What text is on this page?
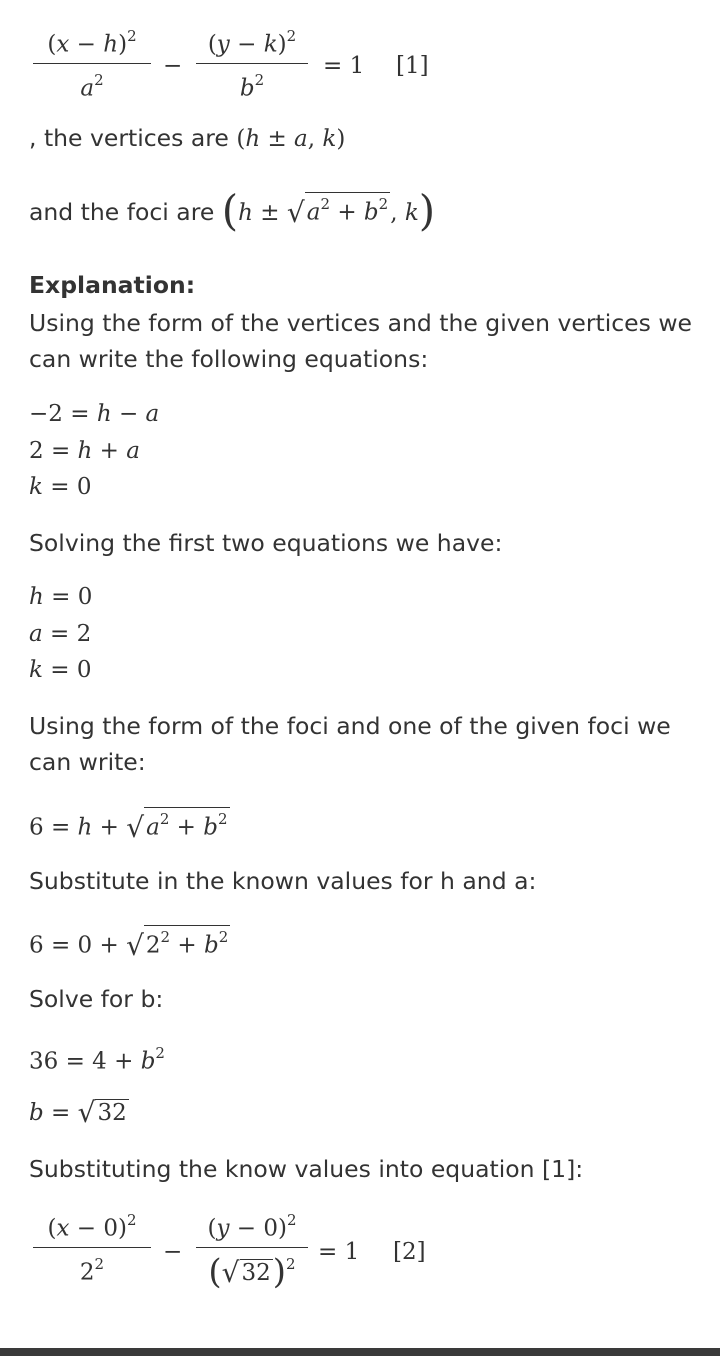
$(x - h)^2$
$a^2$
−
$(y - k)^2$
$b^2$
= 1 [1]
, the vertices are (h ± a, k)
and the foci are ($h \pm √a^2 + b^2$, k)
Explanation:
Using the form of the vertices and the given vertices we can write the following equations:
−2 = h − a
2 = h + a
k = 0
Solving the first two equations we have:
h = 0
a = 2
k = 0
Using the form of the foci and one of the given foci we can write:
$6 = h + √a^2 + b^2$
Substitute in the known values for h and a:
$6 = 0 + √2^2 + b^2$
Solve for b:
$36 = 4 + b^2$
b = √32
Substituting the know values into equation [1]:
$(x - 0)^2$
$2^2$	−
$(y - 0)^2$
$(√32)^2 = 1$ [2]
